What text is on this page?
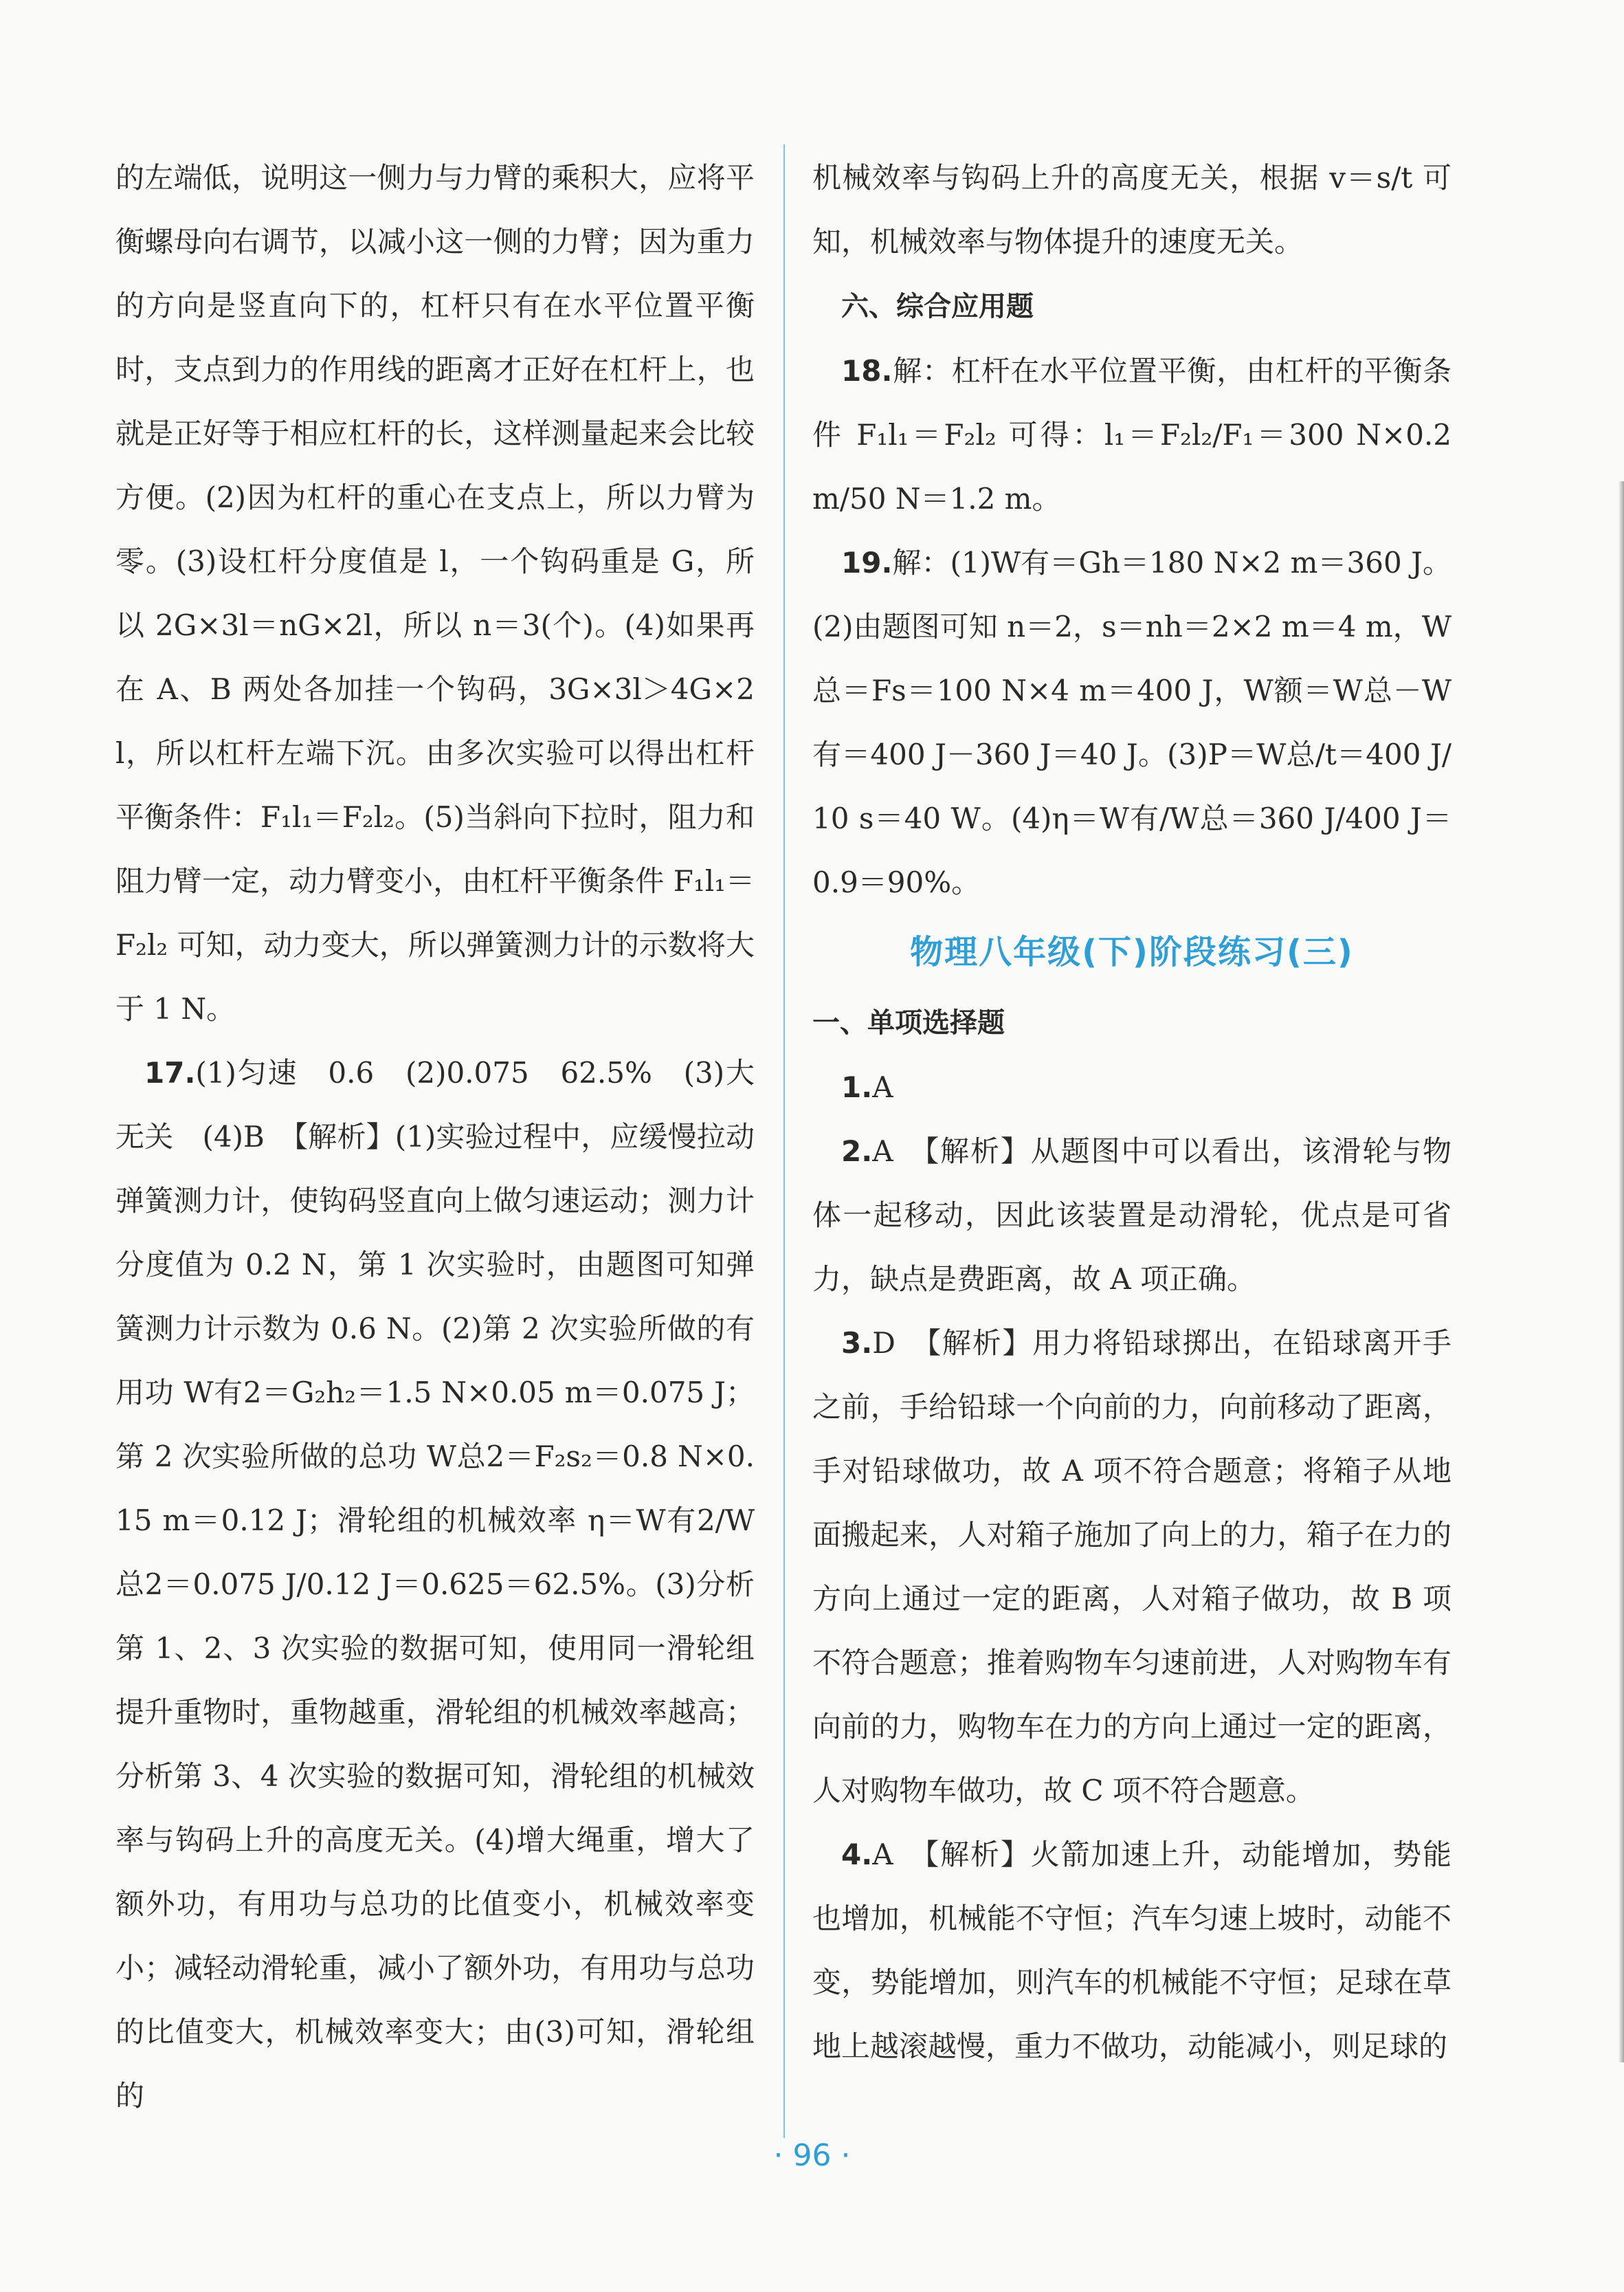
的左端低，说明这一侧力与力臂的乘积大，应将平衡螺母向右调节，以减小这一侧的力臂；因为重力的方向是竖直向下的，杠杆只有在水平位置平衡时，支点到力的作用线的距离才正好在杠杆上，也就是正好等于相应杠杆的长，这样测量起来会比较方便。(2)因为杠杆的重心在支点上，所以力臂为零。(3)设杠杆分度值是 l，一个钩码重是 G，所以 2G×3l＝nG×2l，所以 n＝3(个)。(4)如果再在 A、B 两处各加挂一个钩码，3G×3l＞4G×2l，所以杠杆左端下沉。由多次实验可以得出杠杆平衡条件：F₁l₁＝F₂l₂。(5)当斜向下拉时，阻力和阻力臂一定，动力臂变小，由杠杆平衡条件 F₁l₁＝F₂l₂ 可知，动力变大，所以弹簧测力计的示数将大于 1 N。

17.(1)匀速　0.6　(2)0.075　62.5%　(3)大　无关　(4)B　【解析】(1)实验过程中，应缓慢拉动弹簧测力计，使钩码竖直向上做匀速运动；测力计分度值为 0.2 N，第 1 次实验时，由题图可知弹簧测力计示数为 0.6 N。(2)第 2 次实验所做的有用功 W有2＝G₂h₂＝1.5 N×0.05 m＝0.075 J；第 2 次实验所做的总功 W总2＝F₂s₂＝0.8 N×0.15 m＝0.12 J；滑轮组的机械效率 η＝W有2/W总2＝0.075 J/0.12 J＝0.625＝62.5%。(3)分析第 1、2、3 次实验的数据可知，使用同一滑轮组提升重物时，重物越重，滑轮组的机械效率越高；分析第 3、4 次实验的数据可知，滑轮组的机械效率与钩码上升的高度无关。(4)增大绳重，增大了额外功，有用功与总功的比值变小，机械效率变小；减轻动滑轮重，减小了额外功，有用功与总功的比值变大，机械效率变大；由(3)可知，滑轮组的

机械效率与钩码上升的高度无关，根据 v＝s/t 可知，机械效率与物体提升的速度无关。

六、综合应用题

18.解：杠杆在水平位置平衡，由杠杆的平衡条件 F₁l₁＝F₂l₂ 可得：l₁＝F₂l₂/F₁＝300 N×0.2 m/50 N＝1.2 m。

19.解：(1)W有＝Gh＝180 N×2 m＝360 J。(2)由题图可知 n＝2，s＝nh＝2×2 m＝4 m，W总＝Fs＝100 N×4 m＝400 J，W额＝W总－W有＝400 J－360 J＝40 J。(3)P＝W总/t＝400 J/10 s＝40 W。(4)η＝W有/W总＝360 J/400 J＝0.9＝90%。

物理八年级(下)阶段练习(三)

一、单项选择题

1.A

2.A　【解析】从题图中可以看出，该滑轮与物体一起移动，因此该装置是动滑轮，优点是可省力，缺点是费距离，故 A 项正确。

3.D　【解析】用力将铅球掷出，在铅球离开手之前，手给铅球一个向前的力，向前移动了距离，手对铅球做功，故 A 项不符合题意；将箱子从地面搬起来，人对箱子施加了向上的力，箱子在力的方向上通过一定的距离，人对箱子做功，故 B 项不符合题意；推着购物车匀速前进，人对购物车有向前的力，购物车在力的方向上通过一定的距离，人对购物车做功，故 C 项不符合题意。

4.A　【解析】火箭加速上升，动能增加，势能也增加，机械能不守恒；汽车匀速上坡时，动能不变，势能增加，则汽车的机械能不守恒；足球在草地上越滚越慢，重力不做功，动能减小，则足球的

· 96 ·
